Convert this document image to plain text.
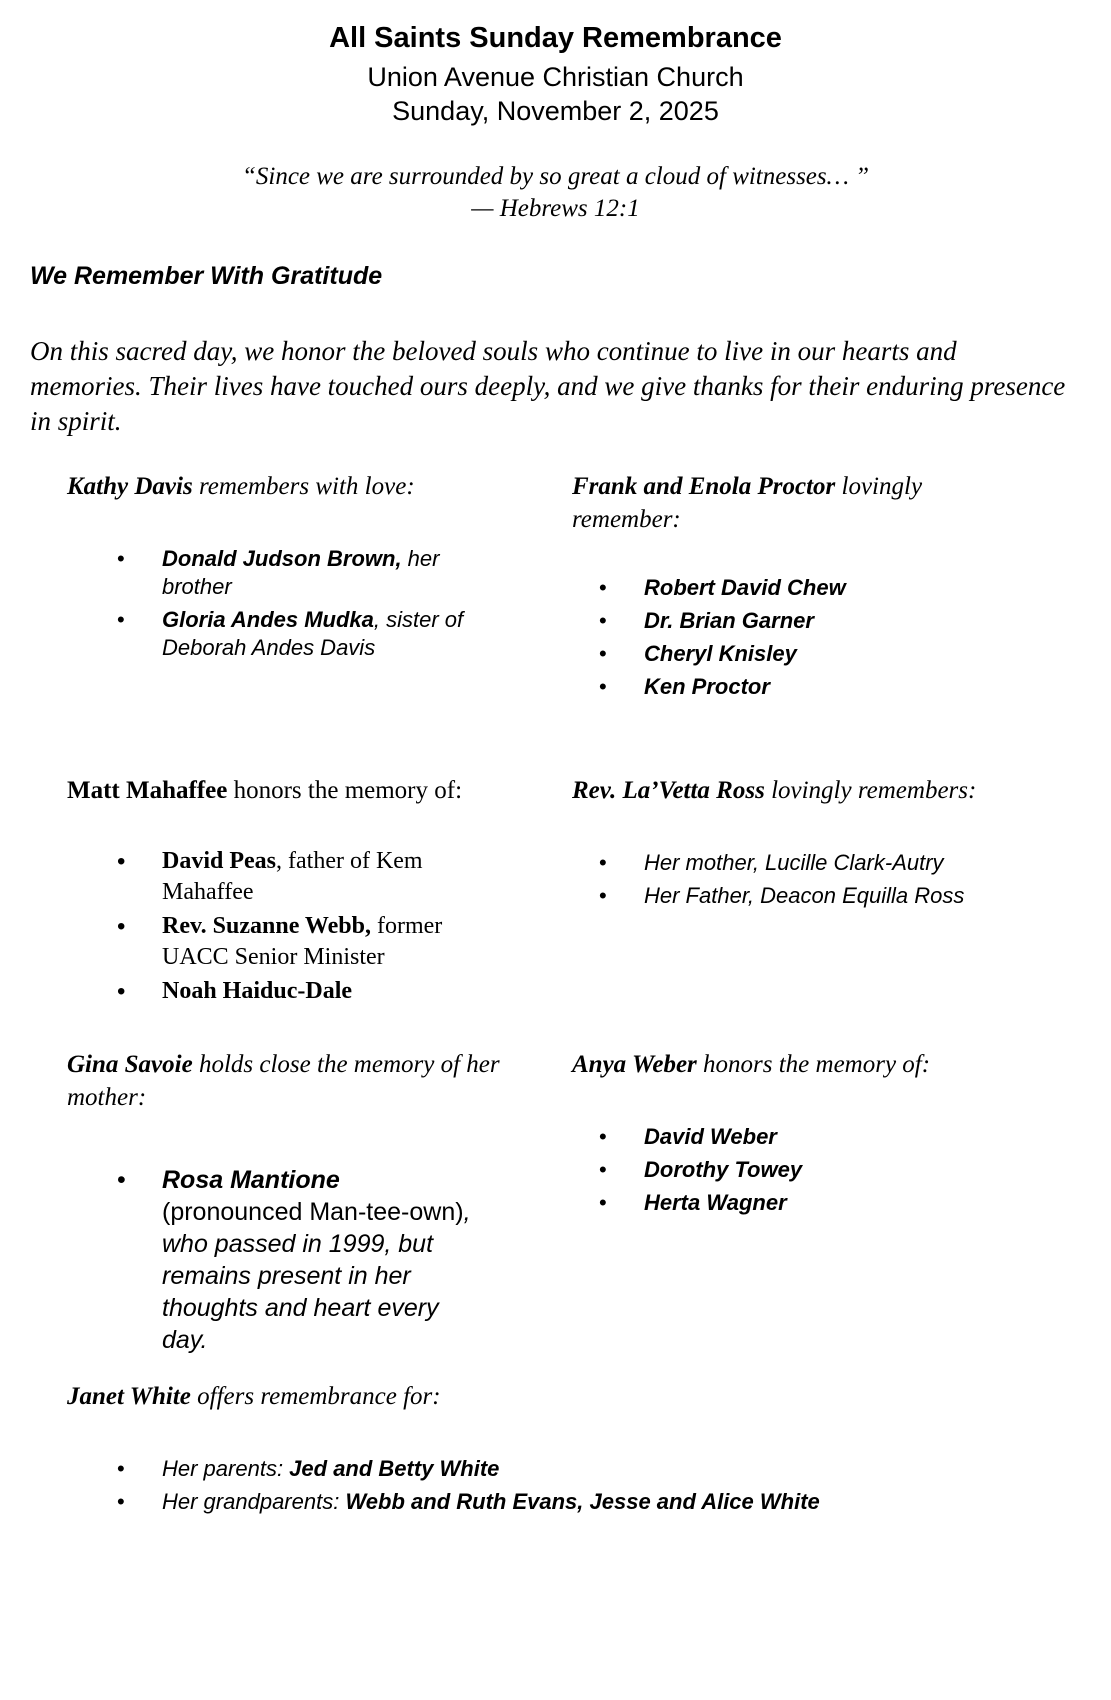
All Saints Sunday Remembrance
Union Avenue Christian Church
Sunday, November 2, 2025
“Since we are surrounded by so great a cloud of witnesses… ”
— Hebrews 12:1
We Remember With Gratitude
On this sacred day, we honor the beloved souls who continue to live in our hearts and memories. Their lives have touched ours deeply, and we give thanks for their enduring presence in spirit.
Kathy Davis remembers with love:
• Donald Judson Brown, her brother
• Gloria Andes Mudka, sister of Deborah Andes Davis
Frank and Enola Proctor lovingly remember:
• Robert David Chew
• Dr. Brian Garner
• Cheryl Knisley
• Ken Proctor
Matt Mahaffee honors the memory of:
• David Peas, father of Kem Mahaffee
• Rev. Suzanne Webb, former UACC Senior Minister
• Noah Haiduc-Dale
Rev. La’Vetta Ross lovingly remembers:
• Her mother, Lucille Clark-Autry
• Her Father, Deacon Equilla Ross
Gina Savoie holds close the memory of her mother:
• Rosa Mantione (pronounced Man-tee-own), who passed in 1999, but remains present in her thoughts and heart every day.
Anya Weber honors the memory of:
• David Weber
• Dorothy Towey
• Herta Wagner
Janet White offers remembrance for:
• Her parents: Jed and Betty White
• Her grandparents: Webb and Ruth Evans, Jesse and Alice White
